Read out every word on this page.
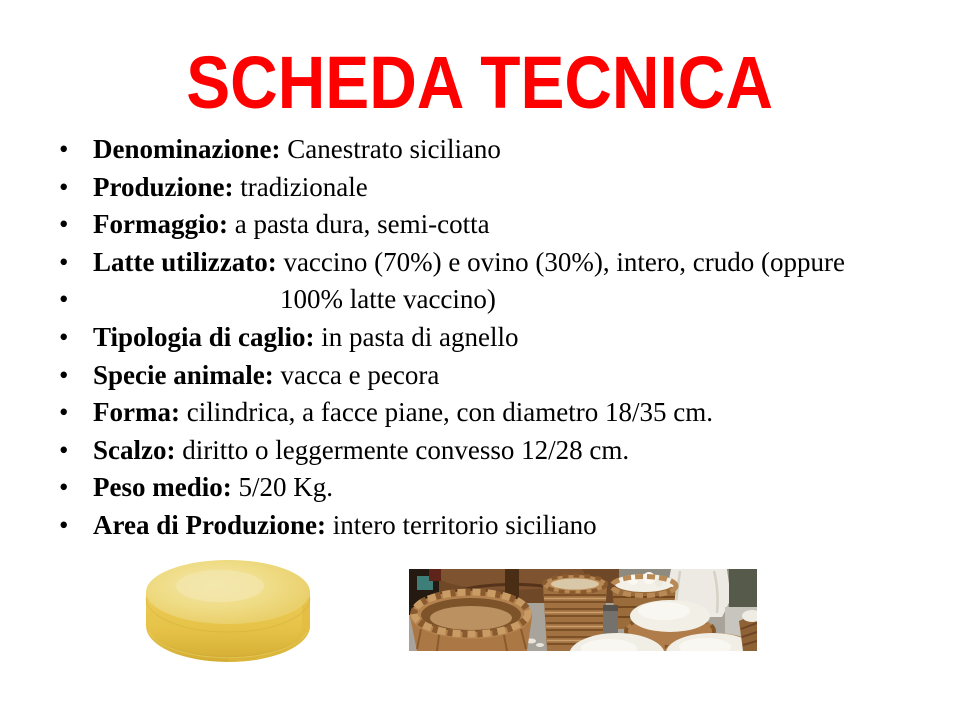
SCHEDA TECNICA
• Denominazione: Canestrato siciliano
• Produzione: tradizionale
• Formaggio: a pasta dura, semi-cotta
• Latte utilizzato: vaccino (70%) e ovino (30%), intero, crudo (oppure
•	100% latte vaccino)
• Tipologia di caglio: in pasta di agnello
• Specie animale: vacca e pecora
• Forma: cilindrica, a facce piane, con diametro 18/35 cm.
• Scalzo: diritto o leggermente convesso 12/28 cm.
• Peso medio: 5/20 Kg.
• Area di Produzione: intero territorio siciliano
